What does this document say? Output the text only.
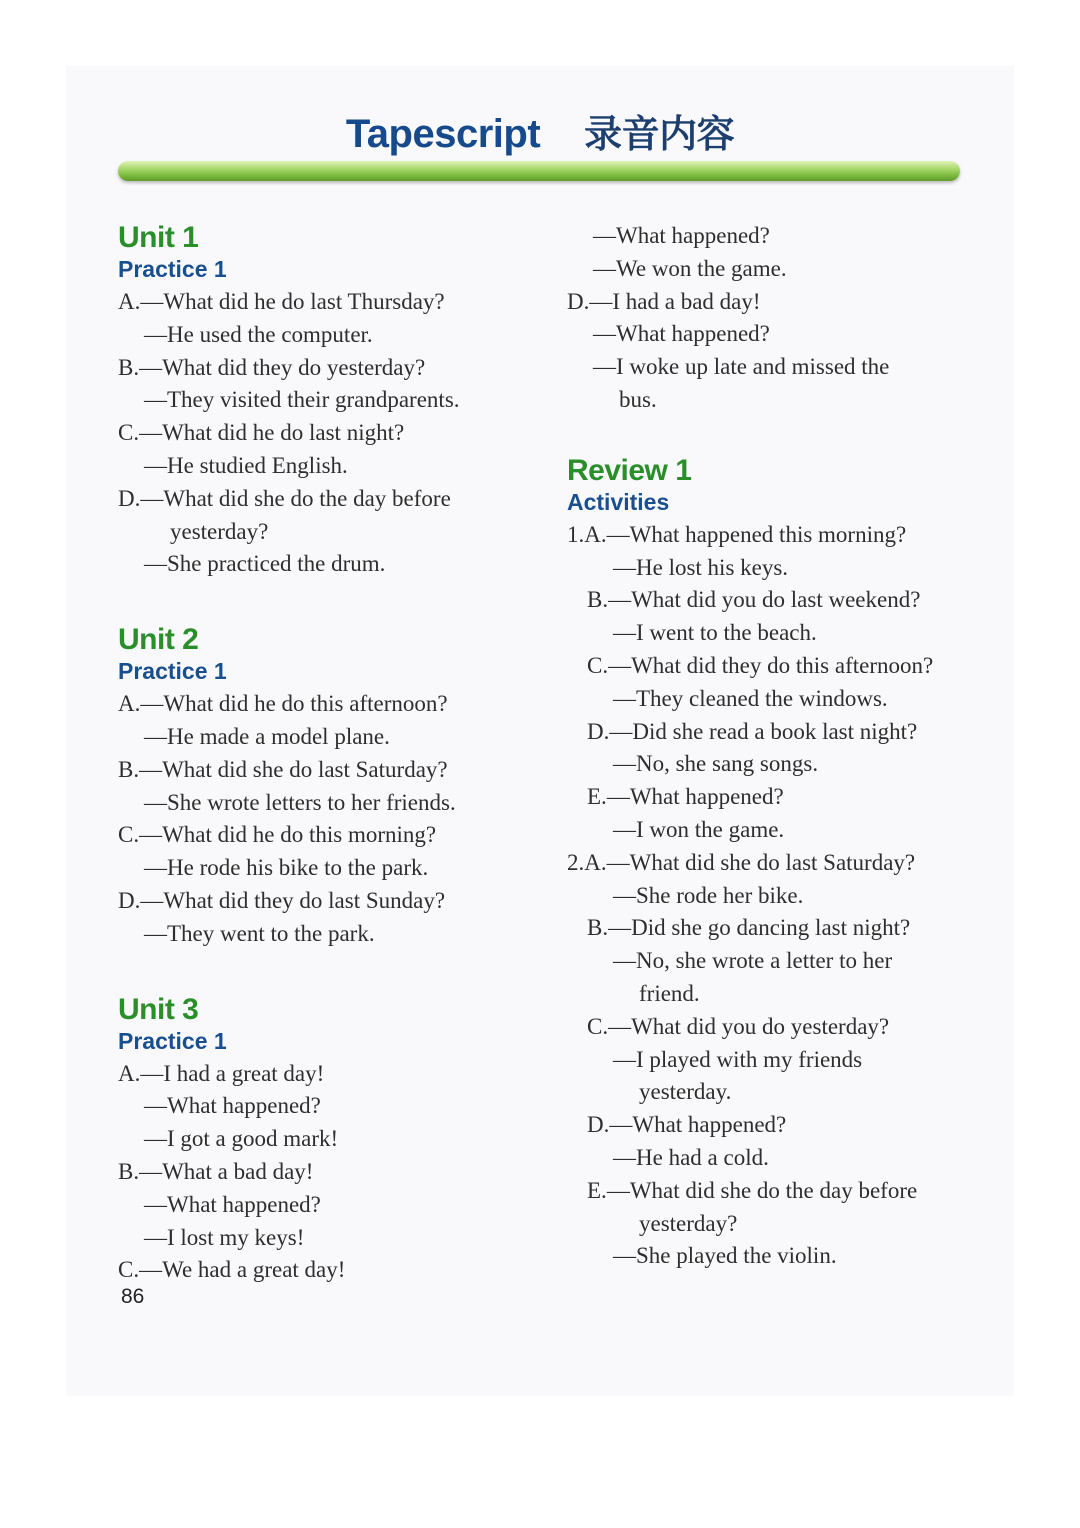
Tapescript 录音内容
Unit 1
Practice 1
A. —What did he do last Thursday?
—He used the computer.
B. —What did they do yesterday?
—They visited their grandparents.
C. —What did he do last night?
—He studied English.
D. —What did she do the day before
yesterday?
—She practiced the drum.
Unit 2
Practice 1
A. —What did he do this afternoon?
—He made a model plane.
B. —What did she do last Saturday?
—She wrote letters to her friends.
C. —What did he do this morning?
—He rode his bike to the park.
D. —What did they do last Sunday?
—They went to the park.
Unit 3
Practice 1
A. —I had a great day!
—What happened?
—I got a good mark!
B. —What a bad day!
—What happened?
—I lost my keys!
C. —We had a great day!
—What happened?
—We won the game.
D. —I had a bad day!
—What happened?
—I woke up late and missed the
bus.
Review 1
Activities
1.A. —What happened this morning?
—He lost his keys.
B. —What did you do last weekend?
—I went to the beach.
C. —What did they do this afternoon?
—They cleaned the windows.
D. —Did she read a book last night?
—No, she sang songs.
E. —What happened?
—I won the game.
2.A. —What did she do last Saturday?
—She rode her bike.
B. —Did she go dancing last night?
—No, she wrote a letter to her
friend.
C. —What did you do yesterday?
—I played with my friends
yesterday.
D. —What happened?
—He had a cold.
E. —What did she do the day before
yesterday?
—She played the violin.
86
